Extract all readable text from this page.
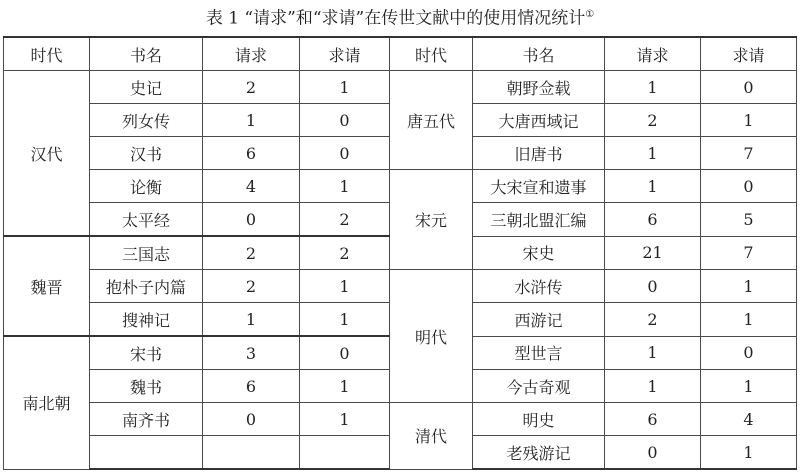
表 1 “请求”和“求请”在传世文献中的使用情况统计①
时代	书名	请求	求请	时代	书名	请求	求请
汉代	史记	2	1	唐五代	朝野佥载	1	0
	列女传	1	0		大唐西域记	2	1
	汉书	6	0		旧唐书	1	7
	论衡	4	1	宋元	大宋宣和遗事	1	0
	太平经	0	2		三朝北盟汇编	6	5
魏晋	三国志	2	2		宋史	21	7
	抱朴子内篇	2	1	明代	水浒传	0	1
	搜神记	1	1		西游记	2	1
南北朝	宋书	3	0		型世言	1	0
	魏书	6	1		今古奇观	1	1
	南齐书	0	1	清代	明史	6	4
					老残游记	0	1
